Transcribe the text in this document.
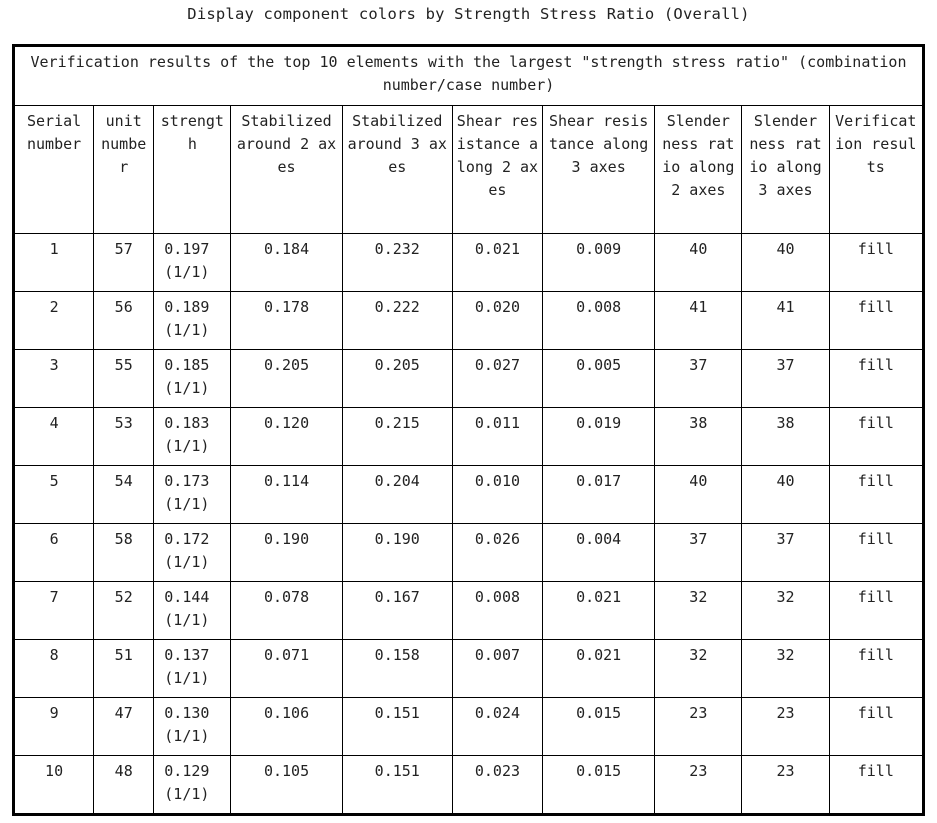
Display component colors by Strength Stress Ratio (Overall)
Verification results of the top 10 elements with the largest "strength stress ratio" (combination number/case number)									
Serial number	unit number	strength	Stabilized around 2 axes	Stabilized around 3 axes	Shear resistance along 2 axes	Shear resistance along 3 axes	Slender ness ratio along 2 axes	Slender ness ratio along 3 axes	Verification results
1	57	0.197(1/1)	0.184	0.232	0.021	0.009	40	40	fill
2	56	0.189(1/1)	0.178	0.222	0.020	0.008	41	41	fill
3	55	0.185(1/1)	0.205	0.205	0.027	0.005	37	37	fill
4	53	0.183(1/1)	0.120	0.215	0.011	0.019	38	38	fill
5	54	0.173(1/1)	0.114	0.204	0.010	0.017	40	40	fill
6	58	0.172(1/1)	0.190	0.190	0.026	0.004	37	37	fill
7	52	0.144(1/1)	0.078	0.167	0.008	0.021	32	32	fill
8	51	0.137(1/1)	0.071	0.158	0.007	0.021	32	32	fill
9	47	0.130(1/1)	0.106	0.151	0.024	0.015	23	23	fill
10	48	0.129(1/1)	0.105	0.151	0.023	0.015	23	23	fill
